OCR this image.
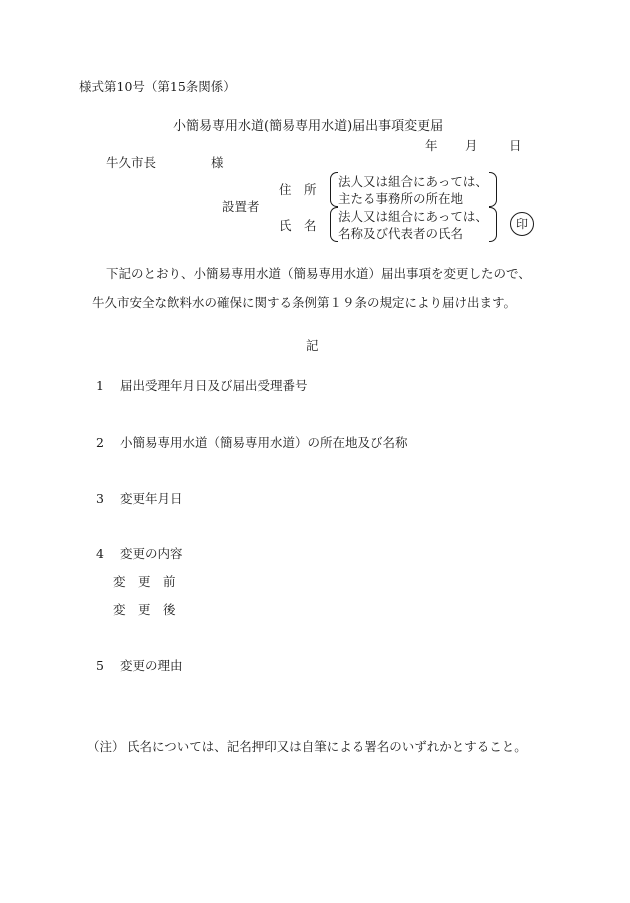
様式第10号（第15条関係）
小簡易専用水道(簡易専用水道)届出事項変更届
年 月	日
牛久市長	様
住　所
法人又は組合にあっては、
主たる事務所の所在地
設置者
氏　名
法人又は組合にあっては、
名称及び代表者の氏名
印
下記のとおり、小簡易専用水道（簡易専用水道）届出事項を変更したので、
牛久市安全な飲料水の確保に関する条例第１９条の規定により届け出ます。
記
1 届出受理年月日及び届出受理番号
2 小簡易専用水道（簡易専用水道）の所在地及び名称
3 変更年月日
4 変更の内容
変　更　前
変　更　後
5 変更の理由
（注） 氏名については、記名押印又は自筆による署名のいずれかとすること。
